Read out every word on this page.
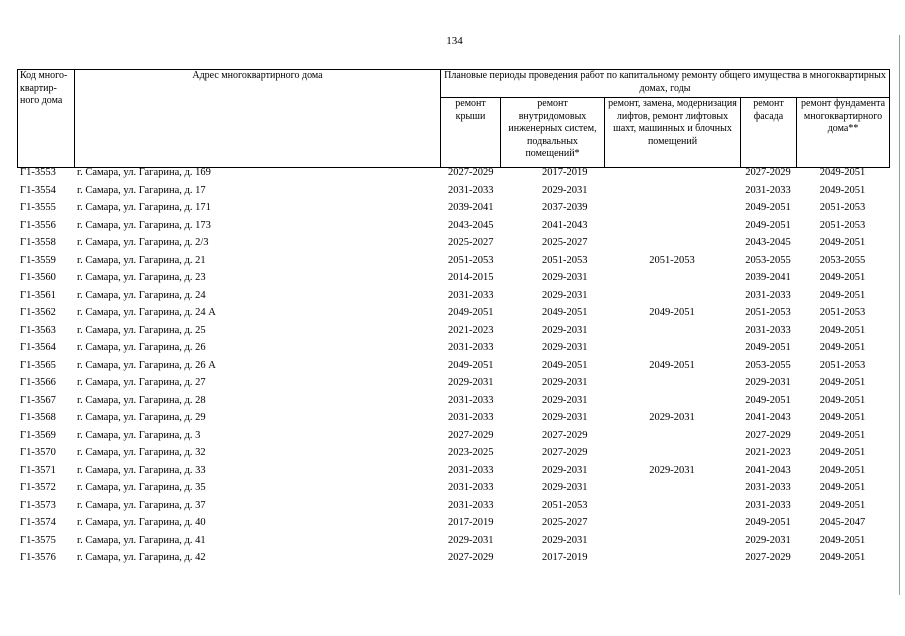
134
Код много-квартир-ного дома	Адрес многоквартирного дома	Плановые периоды проведения работ по капитальному ремонту общего имущества в многоквартирных домах, годы				
		ремонт крыши	ремонт внутридомовых инженерных систем, подвальных помещений*	ремонт, замена, модернизация лифтов, ремонт лифтовых шахт, машинных и блочных помещений	ремонт фасада	ремонт фундамента многоквартирного дома**
Г1-3553	г. Самара, ул. Гагарина, д. 169	2027-2029	2017-2019		2027-2029	2049-2051
Г1-3554	г. Самара, ул. Гагарина, д. 17	2031-2033	2029-2031		2031-2033	2049-2051
Г1-3555	г. Самара, ул. Гагарина, д. 171	2039-2041	2037-2039		2049-2051	2051-2053
Г1-3556	г. Самара, ул. Гагарина, д. 173	2043-2045	2041-2043		2049-2051	2051-2053
Г1-3558	г. Самара, ул. Гагарина, д. 2/3	2025-2027	2025-2027		2043-2045	2049-2051
Г1-3559	г. Самара, ул. Гагарина, д. 21	2051-2053	2051-2053	2051-2053	2053-2055	2053-2055
Г1-3560	г. Самара, ул. Гагарина, д. 23	2014-2015	2029-2031		2039-2041	2049-2051
Г1-3561	г. Самара, ул. Гагарина, д. 24	2031-2033	2029-2031		2031-2033	2049-2051
Г1-3562	г. Самара, ул. Гагарина, д. 24 А	2049-2051	2049-2051	2049-2051	2051-2053	2051-2053
Г1-3563	г. Самара, ул. Гагарина, д. 25	2021-2023	2029-2031		2031-2033	2049-2051
Г1-3564	г. Самара, ул. Гагарина, д. 26	2031-2033	2029-2031		2049-2051	2049-2051
Г1-3565	г. Самара, ул. Гагарина, д. 26 А	2049-2051	2049-2051	2049-2051	2053-2055	2051-2053
Г1-3566	г. Самара, ул. Гагарина, д. 27	2029-2031	2029-2031		2029-2031	2049-2051
Г1-3567	г. Самара, ул. Гагарина, д. 28	2031-2033	2029-2031		2049-2051	2049-2051
Г1-3568	г. Самара, ул. Гагарина, д. 29	2031-2033	2029-2031	2029-2031	2041-2043	2049-2051
Г1-3569	г. Самара, ул. Гагарина, д. 3	2027-2029	2027-2029		2027-2029	2049-2051
Г1-3570	г. Самара, ул. Гагарина, д. 32	2023-2025	2027-2029		2021-2023	2049-2051
Г1-3571	г. Самара, ул. Гагарина, д. 33	2031-2033	2029-2031	2029-2031	2041-2043	2049-2051
Г1-3572	г. Самара, ул. Гагарина, д. 35	2031-2033	2029-2031		2031-2033	2049-2051
Г1-3573	г. Самара, ул. Гагарина, д. 37	2031-2033	2051-2053		2031-2033	2049-2051
Г1-3574	г. Самара, ул. Гагарина, д. 40	2017-2019	2025-2027		2049-2051	2045-2047
Г1-3575	г. Самара, ул. Гагарина, д. 41	2029-2031	2029-2031		2029-2031	2049-2051
Г1-3576	г. Самара, ул. Гагарина, д. 42	2027-2029	2017-2019		2027-2029	2049-2051
